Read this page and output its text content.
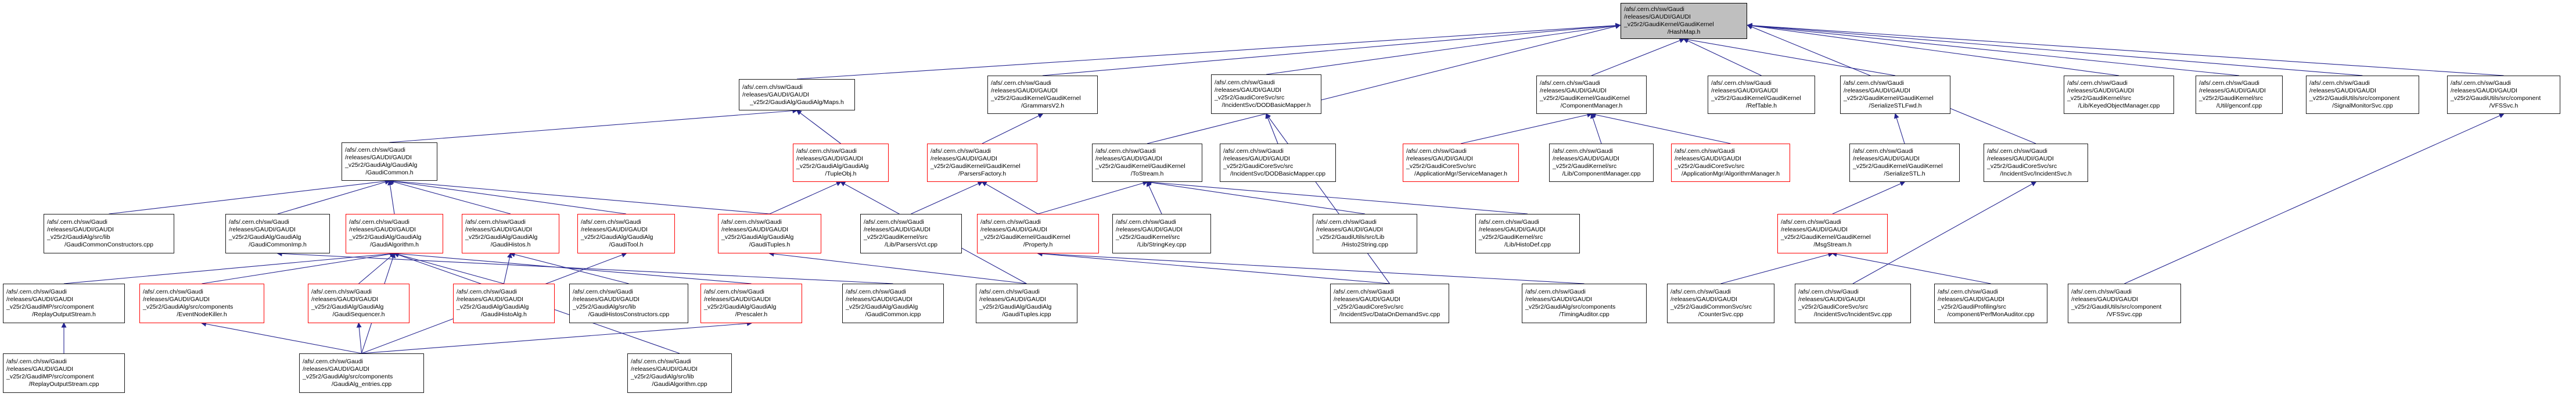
/afs/.cern.ch/sw/Gaudi
/releases/GAUDI/GAUDI
_v25r2/GaudiKernel/GaudiKernel
/HashMap.h
/afs/.cern.ch/sw/Gaudi
/releases/GAUDI/GAUDI
_v25r2/GaudiAlg/GaudiAlg/Maps.h
/afs/.cern.ch/sw/Gaudi
/releases/GAUDI/GAUDI
_v25r2/GaudiKernel/GaudiKernel
/GrammarsV2.h
/afs/.cern.ch/sw/Gaudi
/releases/GAUDI/GAUDI
_v25r2/GaudiCoreSvc/src
/IncidentSvc/DODBasicMapper.h
/afs/.cern.ch/sw/Gaudi
/releases/GAUDI/GAUDI
_v25r2/GaudiKernel/GaudiKernel
/ComponentManager.h
/afs/.cern.ch/sw/Gaudi
/releases/GAUDI/GAUDI
_v25r2/GaudiKernel/GaudiKernel
/RefTable.h
/afs/.cern.ch/sw/Gaudi
/releases/GAUDI/GAUDI
_v25r2/GaudiKernel/GaudiKernel
/SerializeSTLFwd.h
/afs/.cern.ch/sw/Gaudi
/releases/GAUDI/GAUDI
_v25r2/GaudiKernel/src
/Lib/KeyedObjectManager.cpp
/afs/.cern.ch/sw/Gaudi
/releases/GAUDI/GAUDI
_v25r2/GaudiKernel/src
/Util/genconf.cpp
/afs/.cern.ch/sw/Gaudi
/releases/GAUDI/GAUDI
_v25r2/GaudiUtils/src/component
/SignalMonitorSvc.cpp
/afs/.cern.ch/sw/Gaudi
/releases/GAUDI/GAUDI
_v25r2/GaudiUtils/src/component
/VFSSvc.h
/afs/.cern.ch/sw/Gaudi
/releases/GAUDI/GAUDI
_v25r2/GaudiAlg/GaudiAlg
/GaudiCommon.h
/afs/.cern.ch/sw/Gaudi
/releases/GAUDI/GAUDI
_v25r2/GaudiAlg/GaudiAlg
/TupleObj.h
/afs/.cern.ch/sw/Gaudi
/releases/GAUDI/GAUDI
_v25r2/GaudiKernel/GaudiKernel
/ParsersFactory.h
/afs/.cern.ch/sw/Gaudi
/releases/GAUDI/GAUDI
_v25r2/GaudiKernel/GaudiKernel
/ToStream.h
/afs/.cern.ch/sw/Gaudi
/releases/GAUDI/GAUDI
_v25r2/GaudiCoreSvc/src
/IncidentSvc/DODBasicMapper.cpp
/afs/.cern.ch/sw/Gaudi
/releases/GAUDI/GAUDI
_v25r2/GaudiCoreSvc/src
/ApplicationMgr/ServiceManager.h
/afs/.cern.ch/sw/Gaudi
/releases/GAUDI/GAUDI
_v25r2/GaudiKernel/src
/Lib/ComponentManager.cpp
/afs/.cern.ch/sw/Gaudi
/releases/GAUDI/GAUDI
_v25r2/GaudiCoreSvc/src
/ApplicationMgr/AlgorithmManager.h
/afs/.cern.ch/sw/Gaudi
/releases/GAUDI/GAUDI
_v25r2/GaudiKernel/GaudiKernel
/SerializeSTL.h
/afs/.cern.ch/sw/Gaudi
/releases/GAUDI/GAUDI
_v25r2/GaudiCoreSvc/src
/IncidentSvc/IncidentSvc.h
/afs/.cern.ch/sw/Gaudi
/releases/GAUDI/GAUDI
_v25r2/GaudiAlg/src/lib
/GaudiCommonConstructors.cpp
/afs/.cern.ch/sw/Gaudi
/releases/GAUDI/GAUDI
_v25r2/GaudiAlg/GaudiAlg
/GaudiCommonImp.h
/afs/.cern.ch/sw/Gaudi
/releases/GAUDI/GAUDI
_v25r2/GaudiAlg/GaudiAlg
/GaudiAlgorithm.h
/afs/.cern.ch/sw/Gaudi
/releases/GAUDI/GAUDI
_v25r2/GaudiAlg/GaudiAlg
/GaudiHistos.h
/afs/.cern.ch/sw/Gaudi
/releases/GAUDI/GAUDI
_v25r2/GaudiAlg/GaudiAlg
/GaudiTool.h
/afs/.cern.ch/sw/Gaudi
/releases/GAUDI/GAUDI
_v25r2/GaudiAlg/GaudiAlg
/GaudiTuples.h
/afs/.cern.ch/sw/Gaudi
/releases/GAUDI/GAUDI
_v25r2/GaudiKernel/src
/Lib/ParsersVct.cpp
/afs/.cern.ch/sw/Gaudi
/releases/GAUDI/GAUDI
_v25r2/GaudiKernel/GaudiKernel
/Property.h
/afs/.cern.ch/sw/Gaudi
/releases/GAUDI/GAUDI
_v25r2/GaudiKernel/src
/Lib/StringKey.cpp
/afs/.cern.ch/sw/Gaudi
/releases/GAUDI/GAUDI
_v25r2/GaudiUtils/src/Lib
/Histo2String.cpp
/afs/.cern.ch/sw/Gaudi
/releases/GAUDI/GAUDI
_v25r2/GaudiKernel/src
/Lib/HistoDef.cpp
/afs/.cern.ch/sw/Gaudi
/releases/GAUDI/GAUDI
_v25r2/GaudiKernel/GaudiKernel
/MsgStream.h
/afs/.cern.ch/sw/Gaudi
/releases/GAUDI/GAUDI
_v25r2/GaudiMP/src/component
/ReplayOutputStream.h
/afs/.cern.ch/sw/Gaudi
/releases/GAUDI/GAUDI
_v25r2/GaudiAlg/src/components
/EventNodeKiller.h
/afs/.cern.ch/sw/Gaudi
/releases/GAUDI/GAUDI
_v25r2/GaudiAlg/GaudiAlg
/GaudiSequencer.h
/afs/.cern.ch/sw/Gaudi
/releases/GAUDI/GAUDI
_v25r2/GaudiAlg/GaudiAlg
/GaudiHistoAlg.h
/afs/.cern.ch/sw/Gaudi
/releases/GAUDI/GAUDI
_v25r2/GaudiAlg/src/lib
/GaudiHistosConstructors.cpp
/afs/.cern.ch/sw/Gaudi
/releases/GAUDI/GAUDI
_v25r2/GaudiAlg/GaudiAlg
/Prescaler.h
/afs/.cern.ch/sw/Gaudi
/releases/GAUDI/GAUDI
_v25r2/GaudiAlg/GaudiAlg
/GaudiCommon.icpp
/afs/.cern.ch/sw/Gaudi
/releases/GAUDI/GAUDI
_v25r2/GaudiAlg/GaudiAlg
/GaudiTuples.icpp
/afs/.cern.ch/sw/Gaudi
/releases/GAUDI/GAUDI
_v25r2/GaudiCoreSvc/src
/IncidentSvc/DataOnDemandSvc.cpp
/afs/.cern.ch/sw/Gaudi
/releases/GAUDI/GAUDI
_v25r2/GaudiAlg/src/components
/TimingAuditor.cpp
/afs/.cern.ch/sw/Gaudi
/releases/GAUDI/GAUDI
_v25r2/GaudiCommonSvc/src
/CounterSvc.cpp
/afs/.cern.ch/sw/Gaudi
/releases/GAUDI/GAUDI
_v25r2/GaudiCoreSvc/src
/IncidentSvc/IncidentSvc.cpp
/afs/.cern.ch/sw/Gaudi
/releases/GAUDI/GAUDI
_v25r2/GaudiProfiling/src
/component/PerfMonAuditor.cpp
/afs/.cern.ch/sw/Gaudi
/releases/GAUDI/GAUDI
_v25r2/GaudiUtils/src/component
/VFSSvc.cpp
/afs/.cern.ch/sw/Gaudi
/releases/GAUDI/GAUDI
_v25r2/GaudiMP/src/component
/ReplayOutputStream.cpp
/afs/.cern.ch/sw/Gaudi
/releases/GAUDI/GAUDI
_v25r2/GaudiAlg/src/components
/GaudiAlg_entries.cpp
/afs/.cern.ch/sw/Gaudi
/releases/GAUDI/GAUDI
_v25r2/GaudiAlg/src/lib
/GaudiAlgorithm.cpp
